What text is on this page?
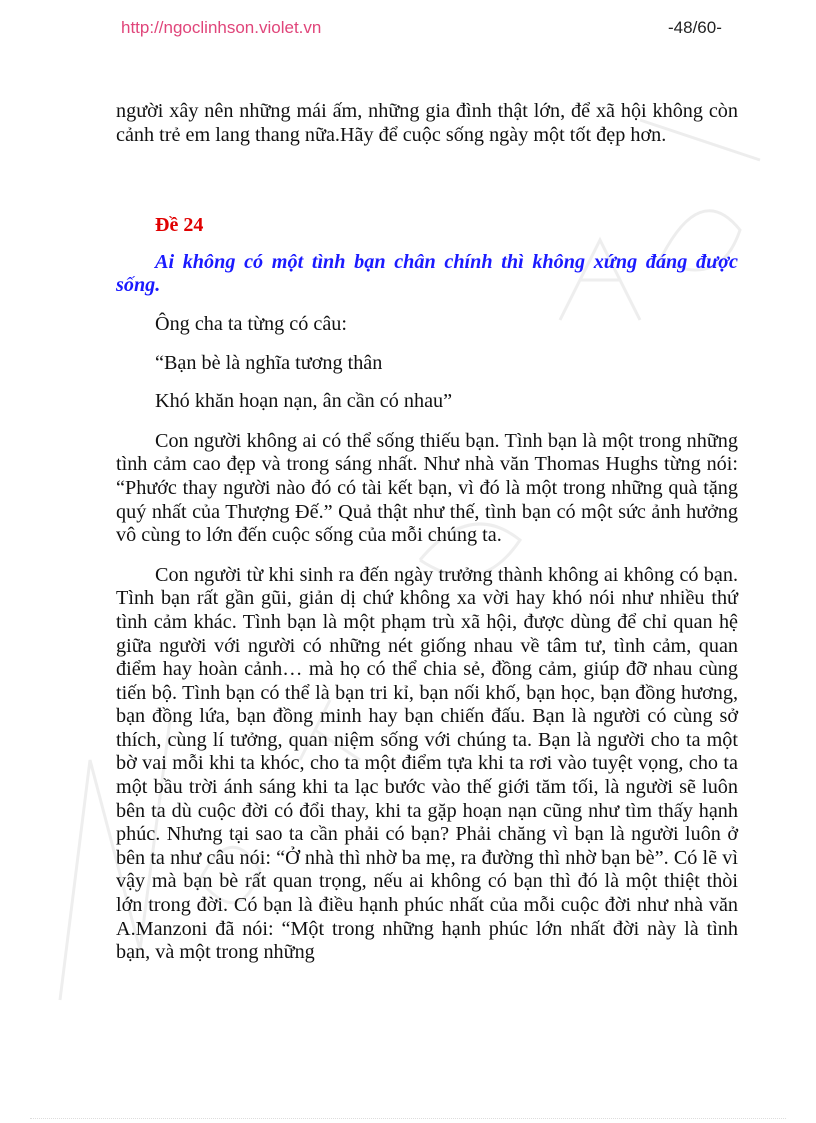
http://ngoclinhson.violet.vn	-48/60-

người xây nên những mái ấm, những gia đình thật lớn, để xã hội không còn cảnh trẻ em lang thang nữa.Hãy để cuộc sống ngày một tốt đẹp hơn.

Đề 24

Ai không có một tình bạn chân chính thì không xứng đáng được sống.

Ông cha ta từng có câu:

“Bạn bè là nghĩa tương thân

Khó khăn hoạn nạn, ân cần có nhau”

Con người không ai có thể sống thiếu bạn. Tình bạn là một trong những tình cảm cao đẹp và trong sáng nhất. Như nhà văn Thomas Hughs từng nói: “Phước thay người nào đó có tài kết bạn, vì đó là một trong những quà tặng quý nhất của Thượng Đế.” Quả thật như thế, tình bạn có một sức ảnh hưởng vô cùng to lớn đến cuộc sống của mỗi chúng ta.

Con người từ khi sinh ra đến ngày trưởng thành không ai không có bạn. Tình bạn rất gần gũi, giản dị chứ không xa vời hay khó nói như nhiều thứ tình cảm khác. Tình bạn là một phạm trù xã hội, được dùng để chỉ quan hệ giữa người với người có những nét giống nhau về tâm tư, tình cảm, quan điểm hay hoàn cảnh… mà họ có thể chia sẻ, đồng cảm, giúp đỡ nhau cùng tiến bộ. Tình bạn có thể là bạn tri kỉ, bạn nối khố, bạn học, bạn đồng hương, bạn đồng lứa, bạn đồng minh hay bạn chiến đấu. Bạn là người có cùng sở thích, cùng lí tưởng, quan niệm sống với chúng ta. Bạn là người cho ta một bờ vai mỗi khi ta khóc, cho ta một điểm tựa khi ta rơi vào tuyệt vọng, cho ta một bầu trời ánh sáng khi ta lạc bước vào thế giới tăm tối, là người sẽ luôn bên ta dù cuộc đời có đổi thay, khi ta gặp hoạn nạn cũng như tìm thấy hạnh phúc. Nhưng tại sao ta cần phải có bạn? Phải chăng vì bạn là người luôn ở bên ta như câu nói: “Ở nhà thì nhờ ba mẹ, ra đường thì nhờ bạn bè”. Có lẽ vì vậy mà bạn bè rất quan trọng, nếu ai không có bạn thì đó là một thiệt thòi lớn trong đời. Có bạn là điều hạnh phúc nhất của mỗi cuộc đời như nhà văn A.Manzoni đã nói: “Một trong những hạnh phúc lớn nhất đời này là tình bạn, và một trong những
